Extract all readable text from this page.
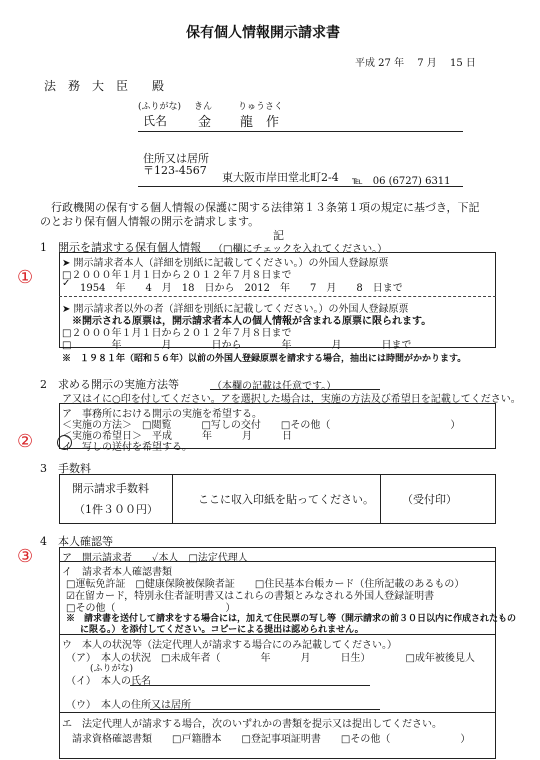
保有個人情報開示請求書
平成 27 年　 7 月　 15 日
法　務　大　臣　　殿
(ふりがな) きん	りゅうさく
氏名 金 龍　作
住所又は居所
〒123-4567
東大阪市岸田堂北町2-4 ℡　06 (6727) 6311
　行政機関の保有する個人情報の保護に関する法律第１３条第１項の規定に基づき，下記
のとおり保有個人情報の開示を請求します。
記
1　開示を請求する保有個人情報 （□欄にチェックを入れてください。）
①
➤ 開示請求者本人（詳細を別紙に記載してください。）の外国人登録原票
□２０００年１月１日から２０１２年７月８日まで
✓ 1954　年　　4　月　18　日から　2012　年　　7　月　　8　日まで
➤ 開示請求者以外の者（詳細を別紙に記載してください。）の外国人登録原票
※開示される原票は，開示請求者本人の個人情報が含まれる原票に限られます。
□２０００年１月１日から２０１２年７月８日まで
□　　　　年　　　　月　　　　日から　　　　年　　　　月　　　　日まで
※　１９８１年（昭和５６年）以前の外国人登録原票を請求する場合，抽出には時間がかかります。
2　求める開示の実施方法等	（本欄の記載は任意です。）
ア又はイに○印を付してください。アを選択した場合は，実施の方法及び希望日を記載してください。
ア　事務所における開示の実施を希望する。
＜実施の方法＞　□閲覧　　　□写しの交付　　□その他（　　　　　　　　　　　　）
＜実施の希望日＞　平成　　　年　　　月　　　日
イ　写しの送付を希望する。
②
3　手数料
開示請求手数料
（1件３００円）
ここに収入印紙を貼ってください。	（受付印）
4　本人確認等
③	ア　開示請求者　　✓本人　□法定代理人
イ　請求者本人確認書類
□運転免許証　□健康保険被保険者証　　□住民基本台帳カード（住所記載のあるもの）
☑在留カード，特別永住者証明書又はこれらの書類とみなされる外国人登録証明書
□その他（　　　　　　　　　　　）
※　請求書を送付して請求をする場合には，加えて住民票の写し等（開示請求の前３０日以内に作成されたもの
に限る。）を添付してください。コピーによる提出は認められません。
ウ　本人の状況等（法定代理人が請求する場合にのみ記載してください。）
（ア）　本人の状況　□未成年者（　　　　年　　　月　　　日生）　　　　□成年被後見人
(ふりがな)
（イ）　本人の氏名
（ウ）　本人の住所又は居所
エ　法定代理人が請求する場合，次のいずれかの書類を提示又は提出してください。
請求資格確認書類　　□戸籍謄本　　□登記事項証明書　　□その他（　　　　　　　）
